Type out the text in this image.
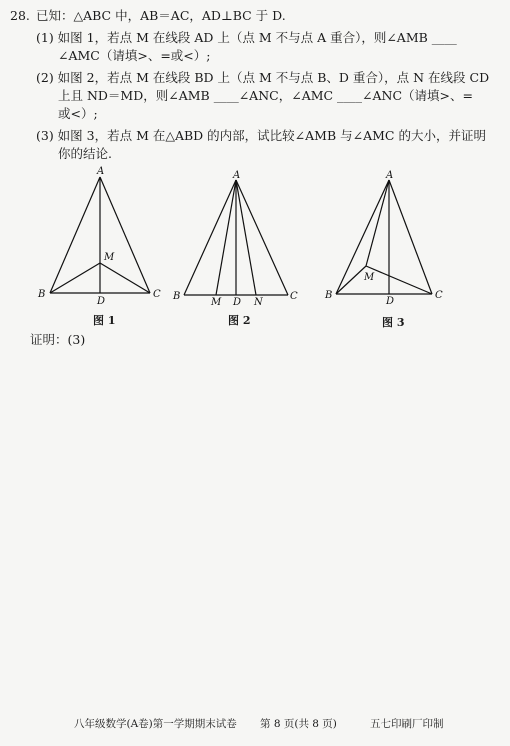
28. 已知：△ABC 中，AB＝AC，AD⊥BC 于 D.
(1) 如图 1，若点 M 在线段 AD 上（点 M 不与点 A 重合），则∠AMB ____
∠AMC（请填>、=或<）;
(2) 如图 2，若点 M 在线段 BD 上（点 M 不与点 B、D 重合），点 N 在线段 CD
上且 ND＝MD，则∠AMB ____∠ANC，∠AMC ____∠ANC（请填>、=
或<）;
(3) 如图 3，若点 M 在△ABD 的内部，试比较∠AMB 与∠AMC 的大小，并证明
你的结论.
A
B	C
D
M
图 1
A
B	C
D
M	N
图 2
A
B	C
D
M
图 3
证明：(3)
八年级数学(A卷)第一学期期末试卷 第 8 页(共 8 页)	五七印刷厂印制
